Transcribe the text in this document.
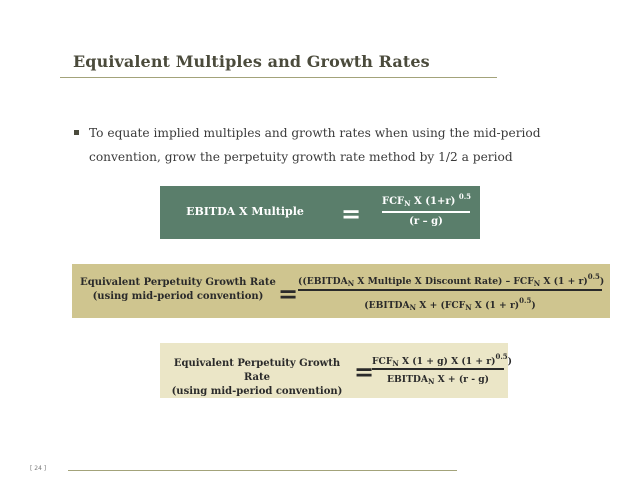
Equivalent Multiples and Growth Rates
To equate implied multiples and growth rates when using the mid-period convention, grow the perpetuity growth rate method by 1/2 a period
EBITDA X Multiple	= $FCF_N$ X (1+r) $^{0.5}$
(r – g)
Equivalent Perpetuity Growth Rate
(using mid-period convention) = (($EBITDA_N$ X Multiple X Discount Rate) – $FCF_N$ X $(1 + r)^{0.5}$)
($EBITDA_N$ $X + (FCF_N$ X $(1 + r)^{0.5}$)
Equivalent Perpetuity Growth Rate
(using mid-period convention)
=
$FCF_N$ X (1 + g) X $(1 + r)^{0.5}$)
$EBITDA_N$ X + (r - g)
[ 24 ]
